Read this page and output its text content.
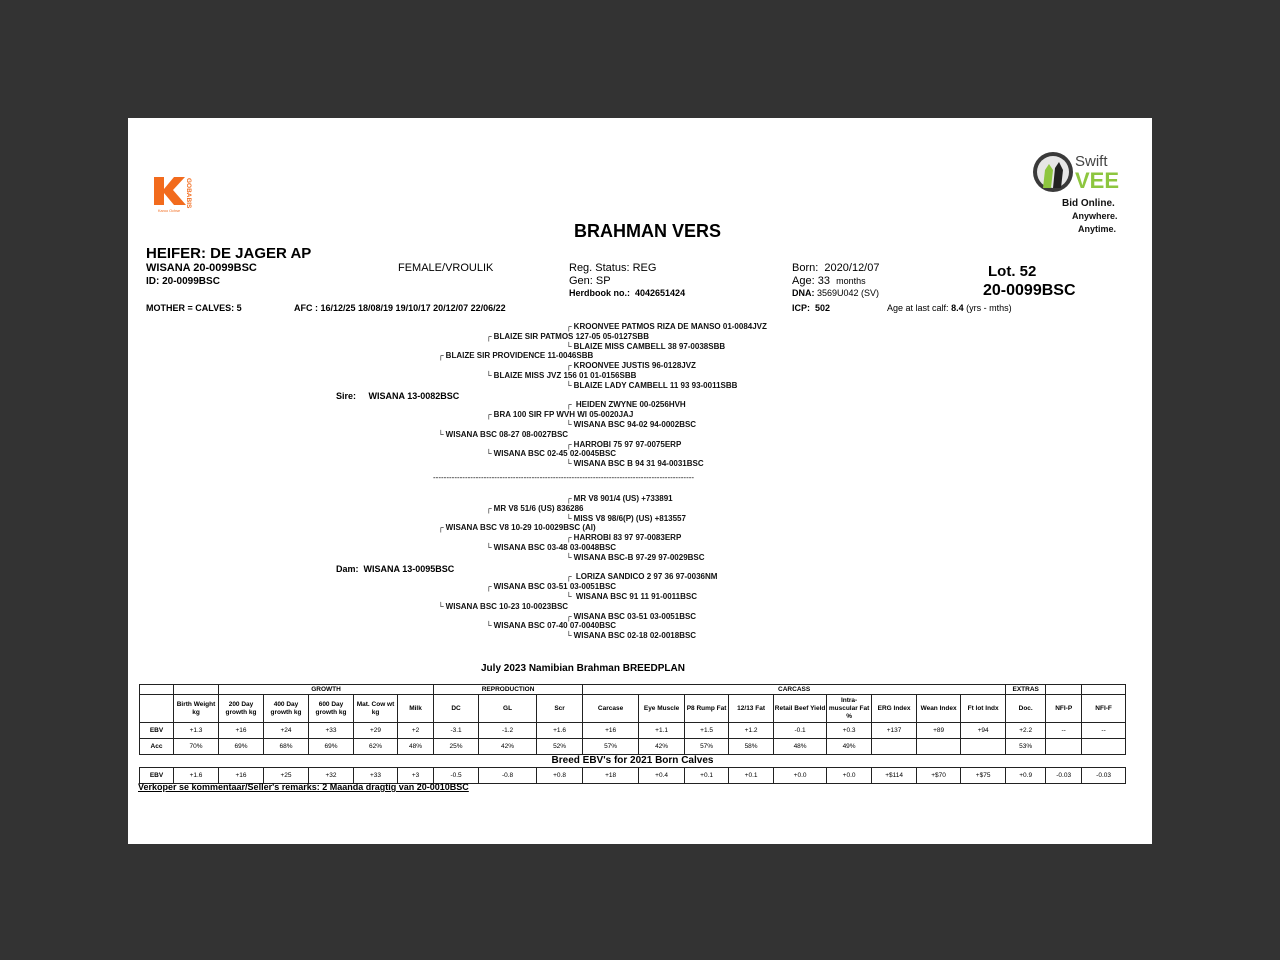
GOBABIS
Karoo Ochse
Swift
VEE
Bid Online.
Anywhere.
Anytime.
BRAHMAN VERS
HEIFER: DE JAGER AP
WISANA 20-0099BSC
ID: 20-0099BSC
FEMALE/VROULIK	Reg. Status: REG
Gen: SP
Herdbook no.: 4042651424
Born: 2020/12/07
Age: 33 months
DNA: 3569U042 (SV)
Lot. 52
20-0099BSC
MOTHER = CALVES: 5	AFC : 16/12/25 18/08/19 19/10/17 20/12/07 22/06/22	ICP: 502	Age at last calf: 8.4 (yrs - mths)
┌ KROONVEE PATMOS RIZA DE MANSO 01-0084JVZ
┌ BLAIZE SIR PATMOS 127-05 05-0127SBB
└ BLAIZE MISS CAMBELL 38 97-0038SBB
┌ BLAIZE SIR PROVIDENCE 11-0046SBB
┌ KROONVEE JUSTIS 96-0128JVZ
└ BLAIZE MISS JVZ 156 01 01-0156SBB
└ BLAIZE LADY CAMBELL 11 93 93-0011SBB
┌ HEIDEN ZWYNE 00-0256HVH
┌ BRA 100 SIR FP WVH WI 05-0020JAJ
└ WISANA BSC 94-02 94-0002BSC
└ WISANA BSC 08-27 08-0027BSC
┌ HARROBI 75 97 97-0075ERP
└ WISANA BSC 02-45 02-0045BSC
└ WISANA BSC B 94 31 94-0031BSC
┌ MR V8 901/4 (US) +733891
┌ MR V8 51/6 (US) 836286
└ MISS V8 98/6(P) (US) +813557
┌ WISANA BSC V8 10-29 10-0029BSC (AI)
┌ HARROBI 83 97 97-0083ERP
└ WISANA BSC 03-48 03-0048BSC
└ WISANA BSC-B 97-29 97-0029BSC
┌ LORIZA SANDICO 2 97 36 97-0036NM
┌ WISANA BSC 03-51 03-0051BSC
└ WISANA BSC 91 11 91-0011BSC
└ WISANA BSC 10-23 10-0023BSC
┌ WISANA BSC 03-51 03-0051BSC
└ WISANA BSC 07-40 07-0040BSC
└ WISANA BSC 02-18 02-0018BSC
Sire: WISANA 13-0082BSC
--------------------------------------------------------------------------------------------------
Dam: WISANA 13-0095BSC
July 2023 Namibian Brahman BREEDPLAN
		GROWTH					REPRODUCTION			CARCASS									EXTRAS		
	Birth Weight kg	200 Day growth kg	400 Day growth kg	600 Day growth kg	Mat. Cow wt kg	Milk	DC	GL	Scr	Carcase	Eye Muscle	P8 Rump Fat	12/13 Fat	Retail Beef Yield	Intra-muscular Fat %	ERG Index	Wean Index	Ft lot Indx	Doc.	NFI-P	NFI-F
EBV	+1.3	+16	+24	+33	+29	+2	-3.1	-1.2	+1.6	+16	+1.1	+1.5	+1.2	-0.1	+0.3	+137	+89	+94	+2.2	--	--
Acc	70%	69%	68%	69%	62%	48%	25%	42%	52%	57%	42%	57%	58%	48%	49%				53%		
Breed EBV's for 2021 Born Calves																					
EBV	+1.6	+16	+25	+32	+33	+3	-0.5	-0.8	+0.8	+18	+0.4	+0.1	+0.1	+0.0	+0.0	+$114	+$70	+$75	+0.9	-0.03	-0.03
Verkoper se kommentaar/Seller's remarks: 2 Maanda dragtig van 20-0010BSC
